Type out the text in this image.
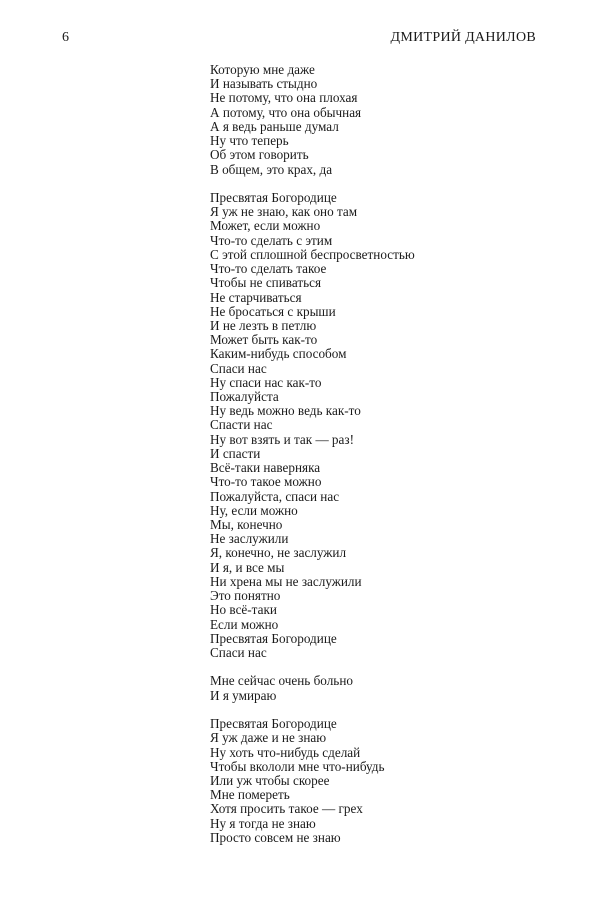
6	ДМИТРИЙ ДАНИЛОВ
Которую мне даже
И называть стыдно
Не потому, что она плохая
А потому, что она обычная
А я ведь раньше думал
Ну что теперь
Об этом говорить
В общем, это крах, да
Пресвятая Богородице
Я уж не знаю, как оно там
Может, если можно
Что-то сделать с этим
С этой сплошной беспросветностью
Что-то сделать такое
Чтобы не спиваться
Не старчиваться
Не бросаться с крыши
И не лезть в петлю
Может быть как-то
Каким-нибудь способом
Спаси нас
Ну спаси нас как-то
Пожалуйста
Ну ведь можно ведь как-то
Спасти нас
Ну вот взять и так — раз!
И спасти
Всё-таки наверняка
Что-то такое можно
Пожалуйста, спаси нас
Ну, если можно
Мы, конечно
Не заслужили
Я, конечно, не заслужил
И я, и все мы
Ни хрена мы не заслужили
Это понятно
Но всё-таки
Если можно
Пресвятая Богородице
Спаси нас
Мне сейчас очень больно
И я умираю
Пресвятая Богородице
Я уж даже и не знаю
Ну хоть что-нибудь сделай
Чтобы вкололи мне что-нибудь
Или уж чтобы скорее
Мне помереть
Хотя просить такое — грех
Ну я тогда не знаю
Просто совсем не знаю
